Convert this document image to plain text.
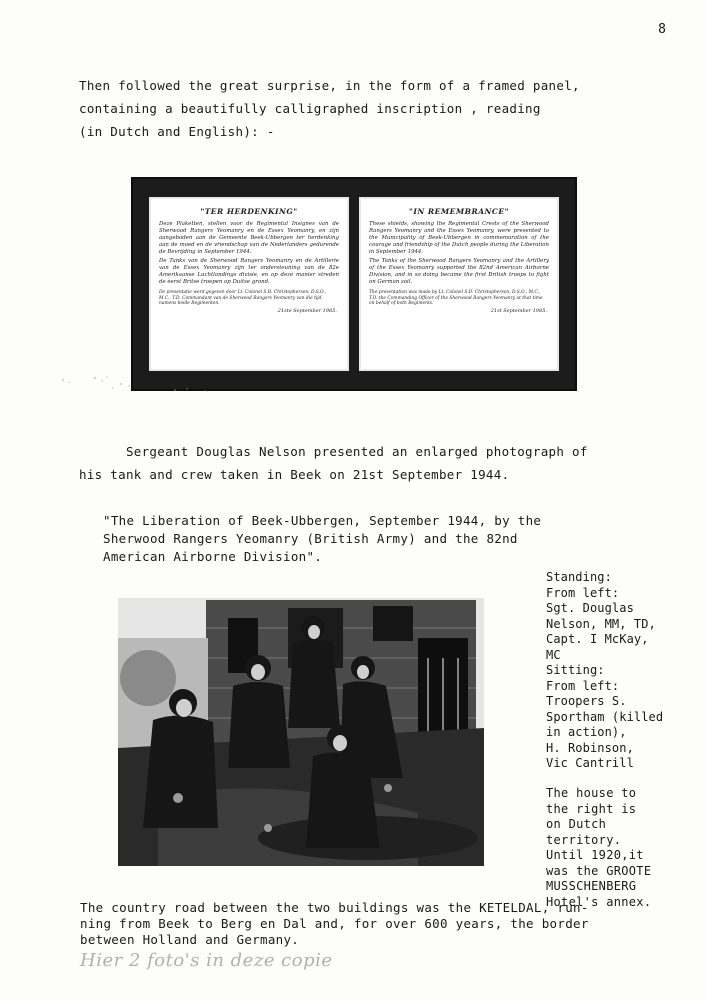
8
Then followed the great surprise, in the form of a framed panel,
containing a beautifully calligraphed inscription , reading
(in Dutch and English): -
"TER HERDENKING"

Deze Plaketten, stellen voor de Regimental Insignes van de Sherwood Rangers Yeomanry en de Essex Yeomanry, en zijn aangeboden aan de Gemeente Beek-Ubbergen ter herdenking aan de moed en de vriendschap van de Nederlanders gedurende de Bevrijding in September 1944.

De Tanks van de Sherwood Rangers Yeomanry en de Artillerie van de Essex Yeomanry zijn ter ondersteuning van de 82e Amerikaanse Luchtlandings divisie, en op deze manier streden de eerst Britse troepen op Duitse grond.

De presentatie werd gegeven door Lt. Colonel S.D. Christopherson, D.S.O., M.C., T.D. Commandant van de Sherwood Rangers Yeomanry van die tijd, namens beide Regimenten.
21ste September 1985.
"IN REMEMBRANCE"

These shields, showing the Regimental Crests of the Sherwood Rangers Yeomanry and the Essex Yeomanry, were presented to the Municipality of Beek-Ubbergen in commemoration of the courage and friendship of the Dutch people during the Liberation in September 1944.

The Tanks of the Sherwood Rangers Yeomanry and the Artillery of the Essex Yeomanry supported the 82nd American Airborne Division, and in so doing became the first British troops to fight on German soil.

The presentation was made by Lt. Colonel S.D. Christopherson, D.S.O., M.C., T.D. the Commanding Officer of the Sherwood Rangers Yeomanry at that time on behalf of both Regiments.
21st September 1985.
Sergeant Douglas Nelson presented an enlarged photograph of
his tank and crew taken in Beek on 21st September 1944.
"The Liberation of Beek-Ubbergen, September 1944, by the
Sherwood Rangers Yeomanry (British Army) and the 82nd
American Airborne Division".
Standing:
From left:
Sgt. Douglas
Nelson, MM, TD,
Capt. I McKay,
MC
Sitting:
From left:
Troopers S.
Sportham (killed
in action),
H. Robinson,
Vic Cantrill
The house to
the right is
on Dutch
territory.
Until 1920,it
was the GROOTE
MUSSCHENBERG
Hotel's annex.
The country road between the two buildings was the KETELDAL, run-
ning from Beek to Berg en Dal and, for over 600 years, the border
between Holland and Germany.
Hier 2 foto's in deze copie
